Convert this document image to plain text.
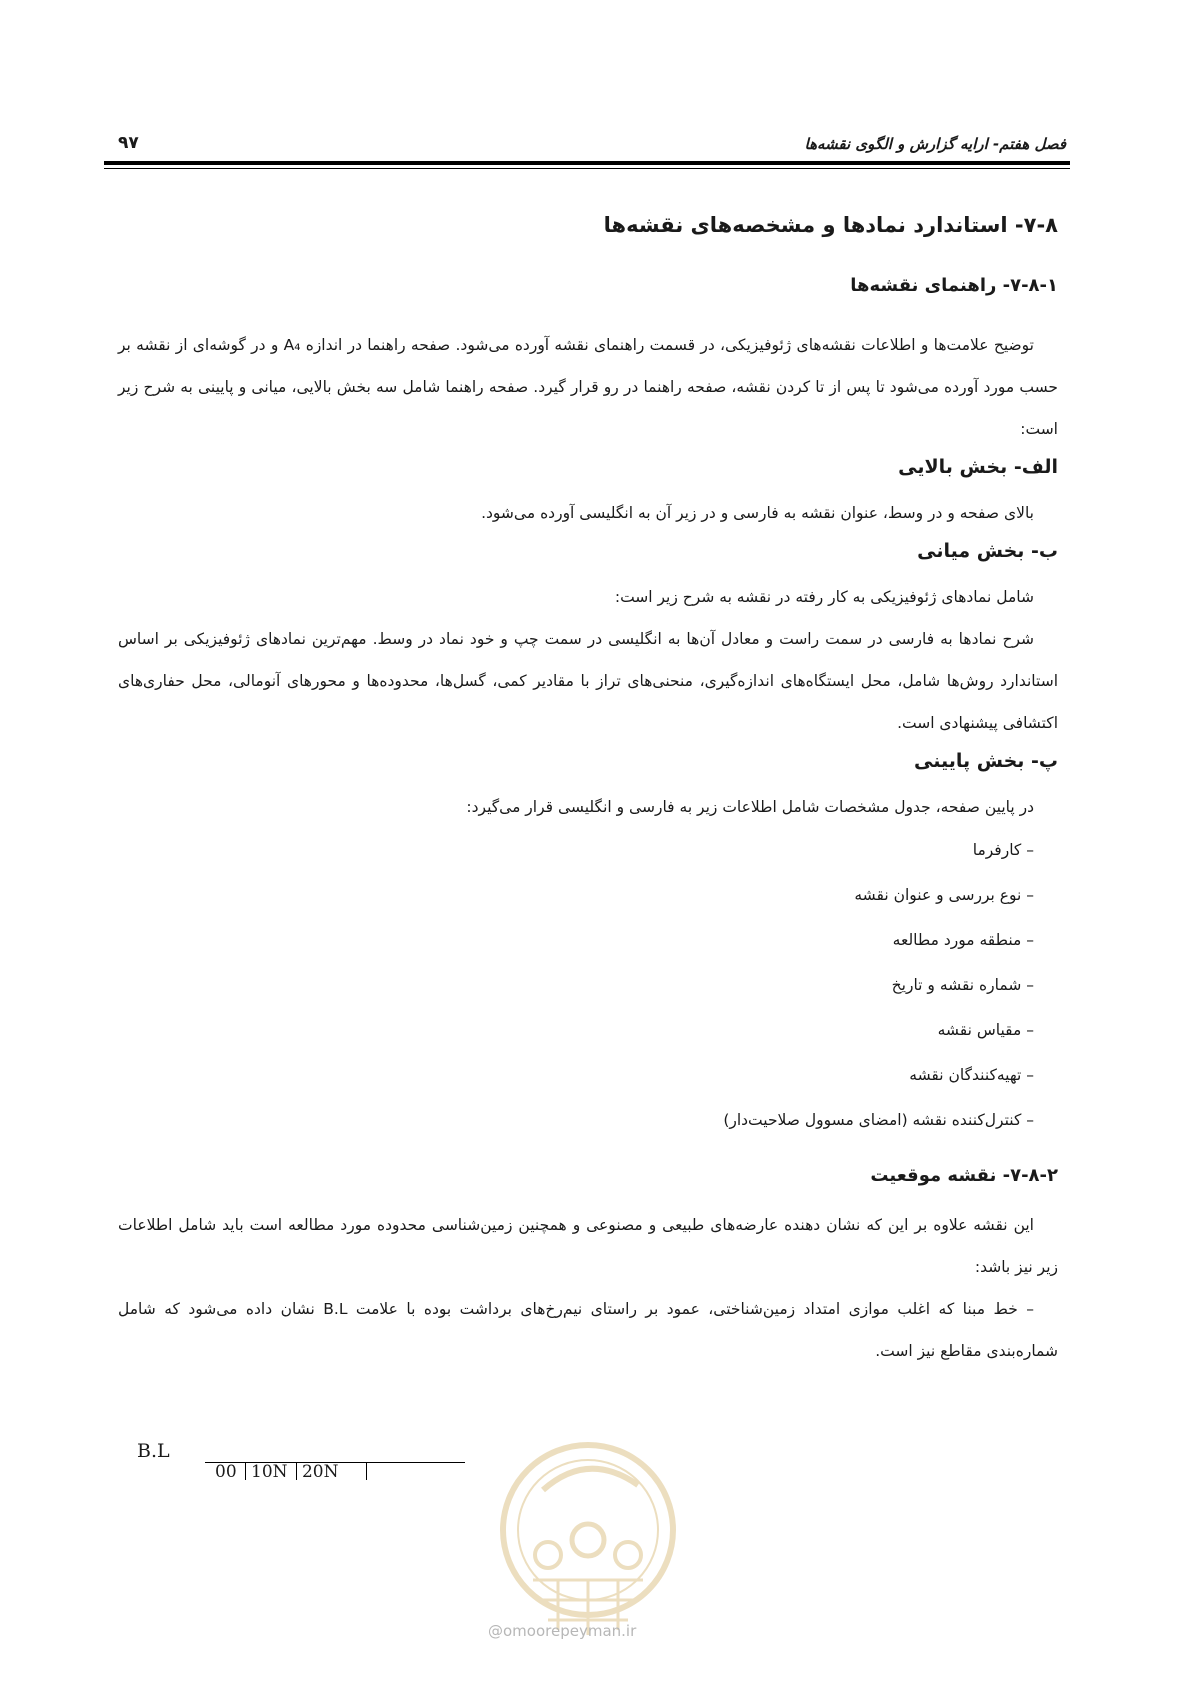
فصل هفتم- ارايه گزارش و الگوی نقشه‌ها
۹۷
۷-۸- استاندارد نمادها و مشخصه‌های نقشه‌ها
۷-۸-۱- راهنمای نقشه‌ها

توضیح علامت‌ها و اطلاعات نقشه‌های ژئوفیزیکی، در قسمت راهنمای نقشه آورده می‌شود. صفحه راهنما در اندازه A₄ و در گوشه‌ای از نقشه بر حسب مورد آورده می‌شود تا پس از تا کردن نقشه، صفحه راهنما در رو قرار گیرد. صفحه راهنما شامل سه بخش بالایی، میانی و پایینی به شرح زیر است:

الف- بخش بالایی

بالای صفحه و در وسط، عنوان نقشه به فارسی و در زیر آن به انگلیسی آورده می‌شود.

ب- بخش میانی

شامل نمادهای ژئوفیزیکی به کار رفته در نقشه به شرح زیر است:

شرح نمادها به فارسی در سمت راست و معادل آن‌ها به انگلیسی در سمت چپ و خود نماد در وسط. مهم‌ترین نمادهای ژئوفیزیکی بر اساس استاندارد روش‌ها شامل، محل ایستگاه‌های اندازه‌گیری، منحنی‌های تراز با مقادیر کمی، گسل‌ها، محدوده‌ها و محورهای آنومالی، محل حفاری‌های اکتشافی پیشنهادی است.

پ- بخش پایینی

در پایین صفحه، جدول مشخصات شامل اطلاعات زیر به فارسی و انگلیسی قرار می‌گیرد:

– کارفرما
– نوع بررسی و عنوان نقشه
– منطقه مورد مطالعه
– شماره نقشه و تاریخ
– مقیاس نقشه
– تهیه‌کنندگان نقشه
– کنترل‌کننده نقشه (امضای مسوول صلاحیت‌دار)
۷-۸-۲- نقشه موقعیت

این نقشه علاوه بر این که نشان دهنده عارضه‌های طبیعی و مصنوعی و همچنین زمین‌شناسی محدوده مورد مطالعه است باید شامل اطلاعات زیر نیز باشد:

– خط مبنا که اغلب موازی امتداد زمین‌شناختی، عمود بر راستای نیم‌رخ‌های برداشت بوده با علامت B.L نشان داده می‌شود که شامل شماره‌بندی مقاطع نیز است.

B.L
00 10N 20N
@omoorepeyman.ir
